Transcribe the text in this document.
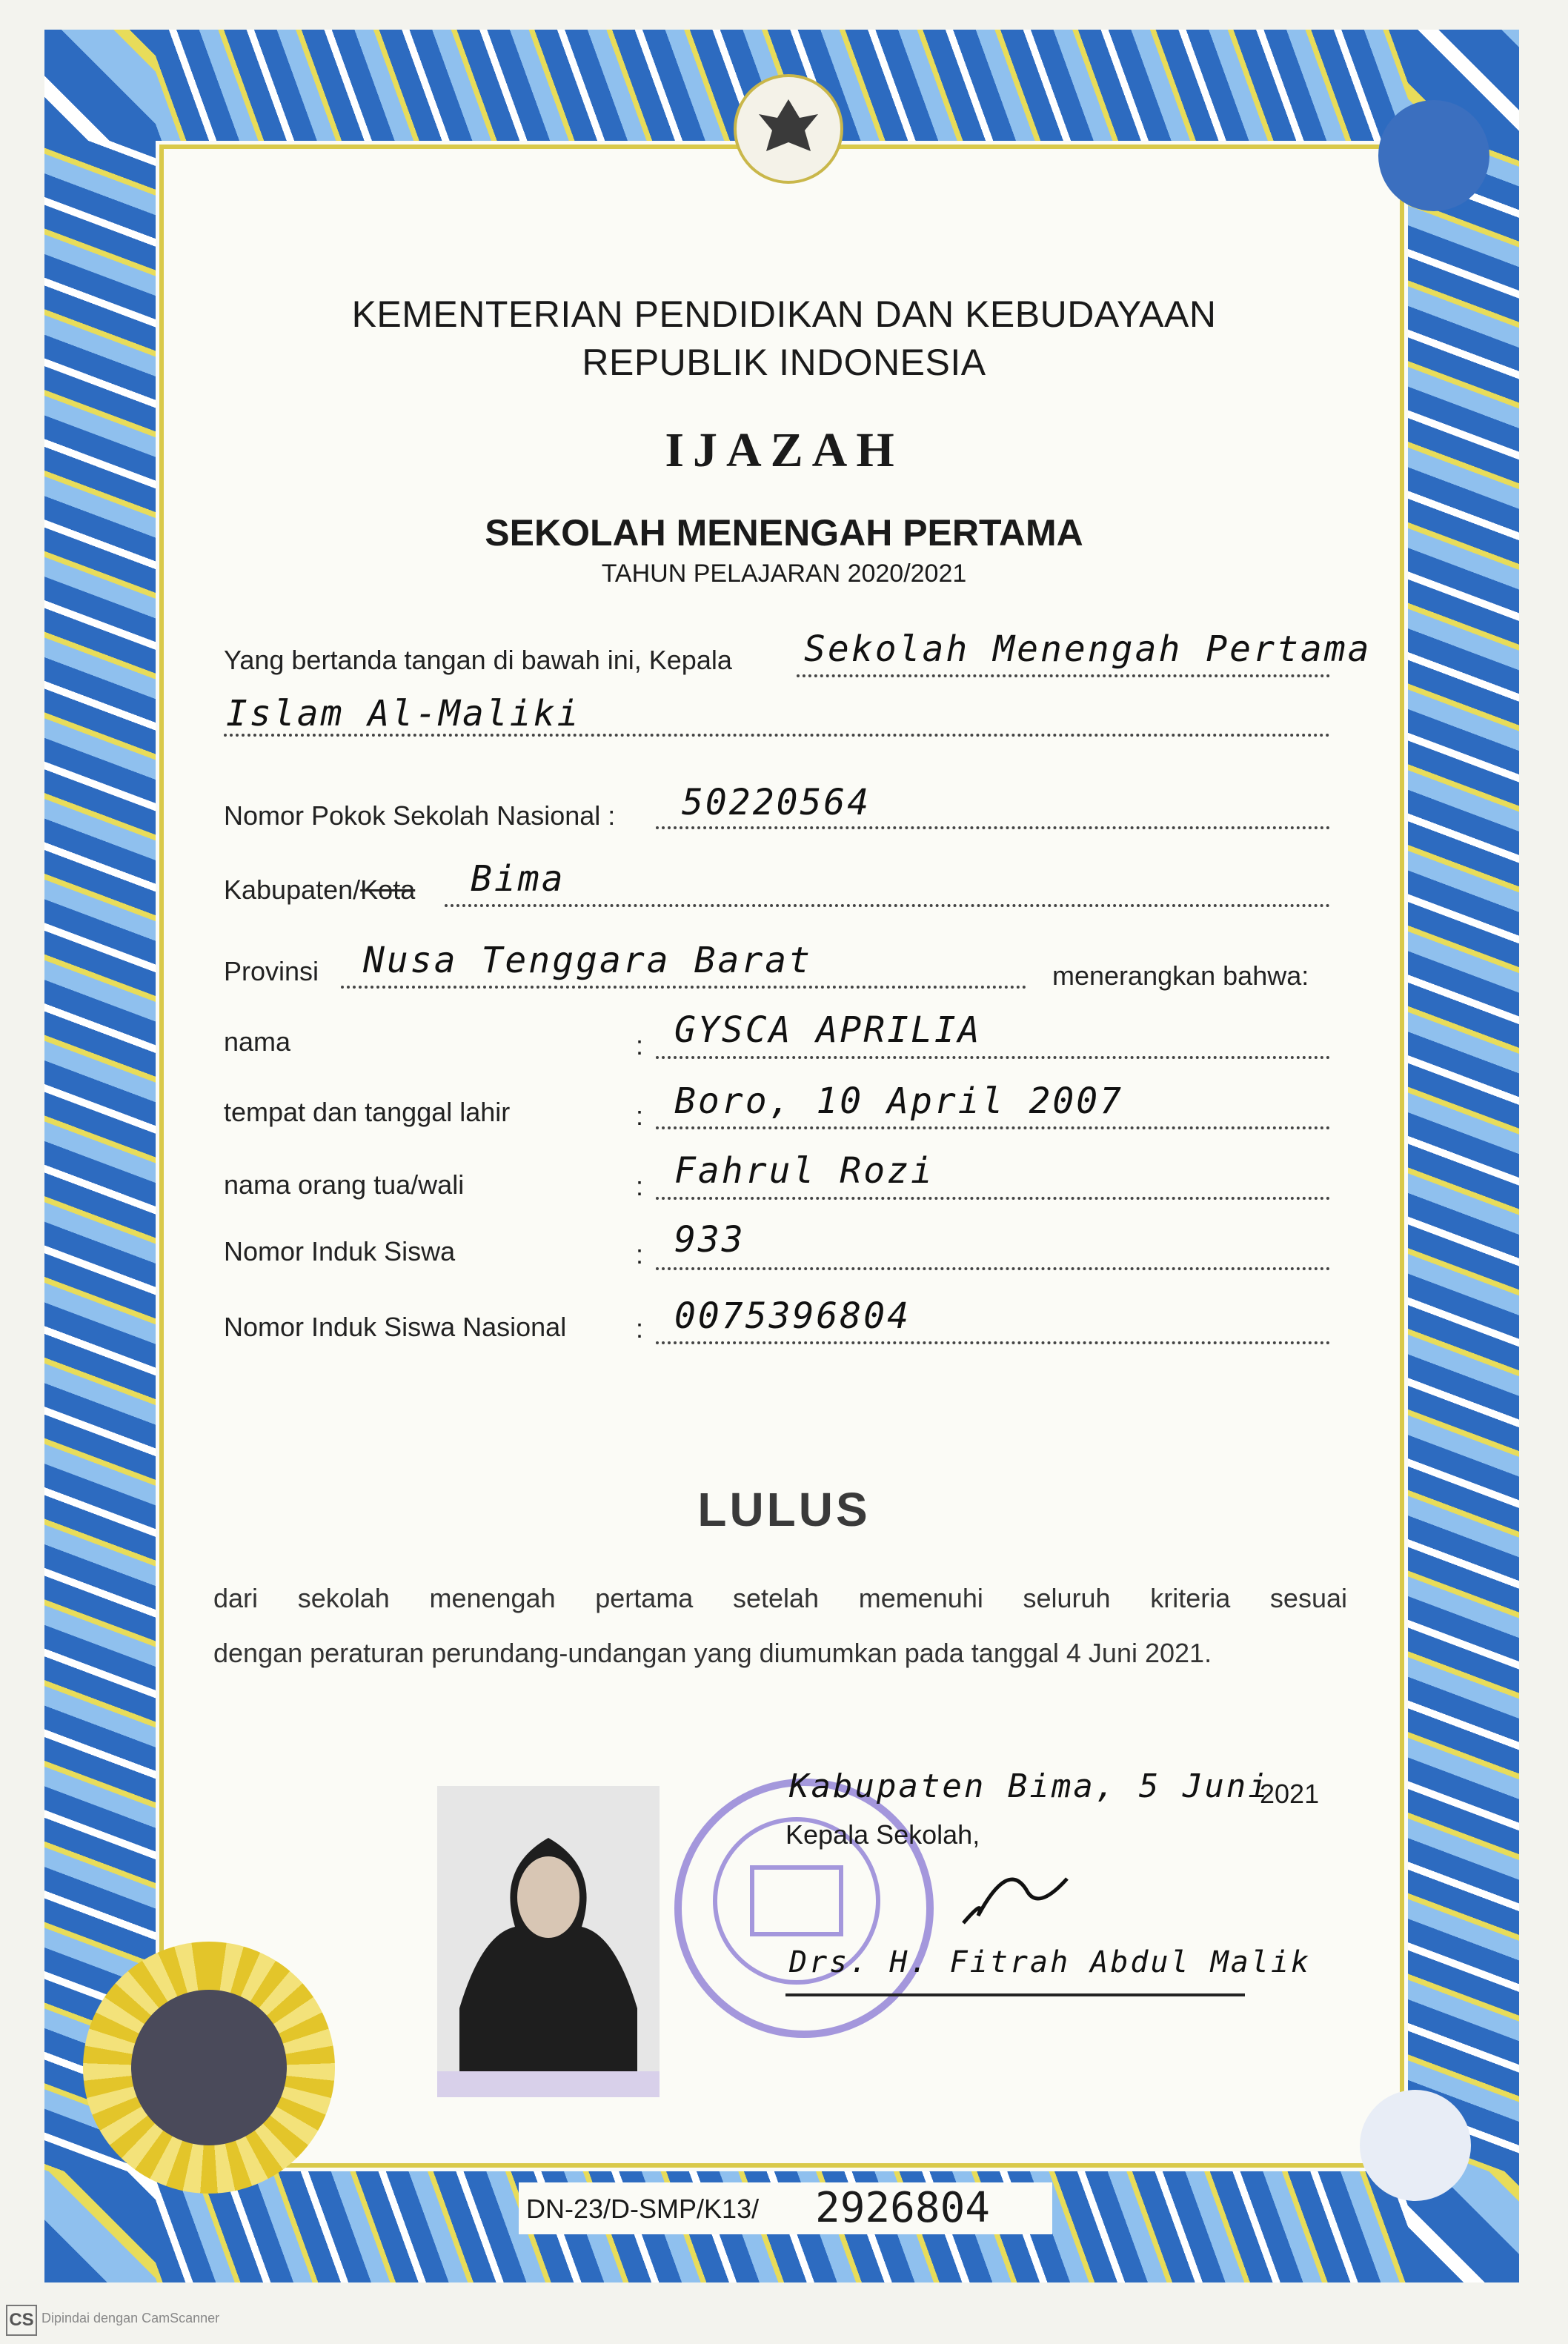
KEMENTERIAN PENDIDIKAN DAN KEBUDAYAAN
REPUBLIK INDONESIA
IJAZAH
SEKOLAH MENENGAH PERTAMA
TAHUN PELAJARAN 2020/2021
Yang bertanda tangan di bawah ini, Kepala Sekolah Menengah Pertama
Islam Al-Maliki
Nomor Pokok Sekolah Nasional : 50220564
Kabupaten/Kota Bima
Provinsi Nusa Tenggara Barat	menerangkan bahwa:
nama	: GYSCA APRILIA
tempat dan tanggal lahir	: Boro, 10 April 2007
nama orang tua/wali	: Fahrul Rozi
Nomor Induk Siswa	: 933
Nomor Induk Siswa Nasional	: 0075396804
LULUS
dari sekolah menengah pertama setelah memenuhi seluruh kriteria sesuai
dengan peraturan perundang-undangan yang diumumkan pada tanggal 4 Juni 2021.
Kabupaten Bima, 5 Juni
2021
Kepala Sekolah,
Drs. H. Fitrah Abdul Malik
DN-23/D-SMP/K13/ 2926804
CS Dipindai dengan CamScanner
